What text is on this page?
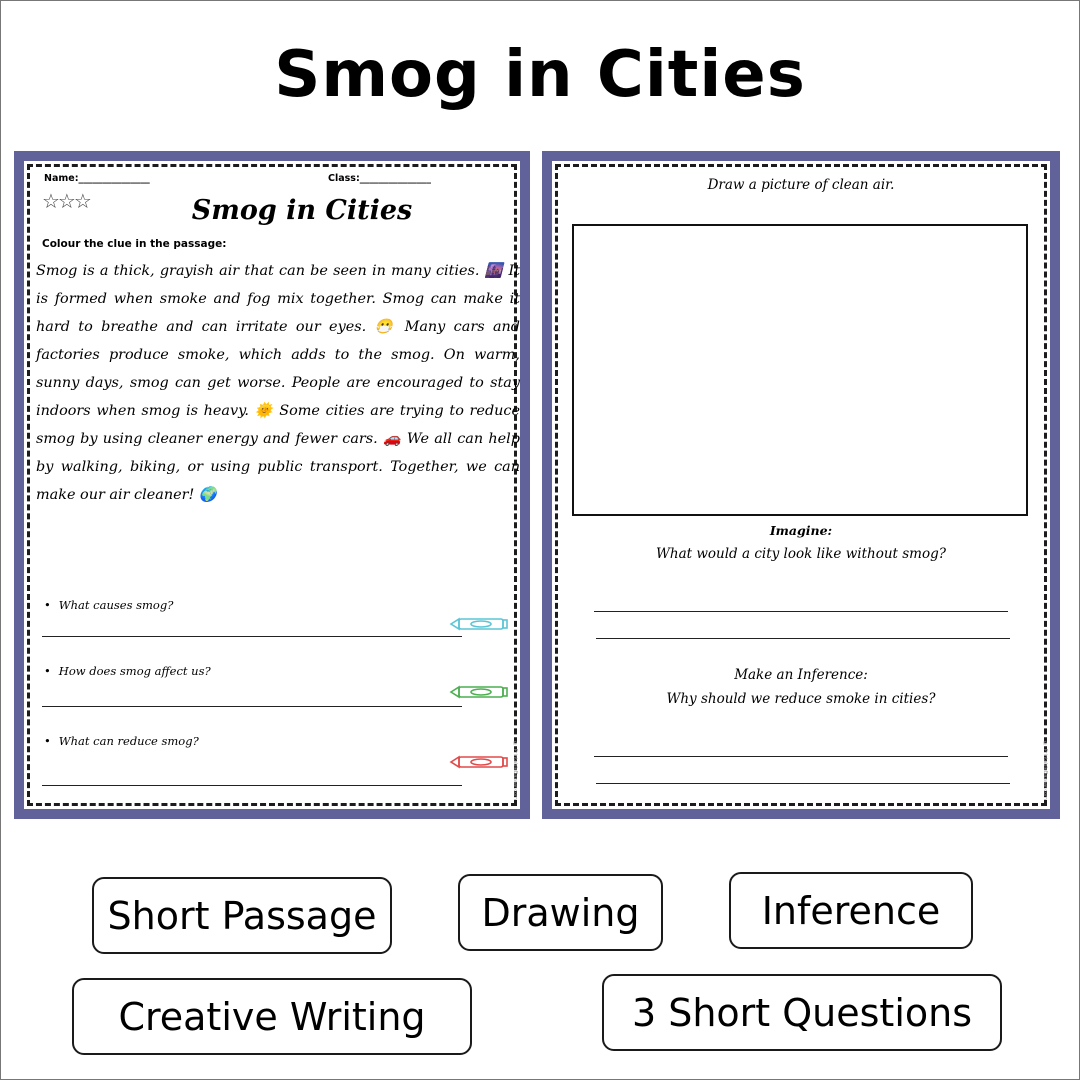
Smog in Cities
Name:_______________	Class:_______________
☆☆☆	Smog in Cities
Colour the clue in the passage:
Smog is a thick, grayish air that can be seen in many cities. 🌆 It is formed when smoke and fog mix together. Smog can make it hard to breathe and can irritate our eyes. 😷 Many cars and factories produce smoke, which adds to the smog. On warm, sunny days, smog can get worse. People are encouraged to stay indoors when smog is heavy. 🌞 Some cities are trying to reduce smog by using cleaner energy and fewer cars. 🚗 We all can help by walking, biking, or using public transport. Together, we can make our air cleaner! 🌍
• What causes smog?
• How does smog affect us?
• What can reduce smog?	© PrintableBazaar.com
Draw a picture of clean air.
Imagine:
What would a city look like without smog?
Make an Inference:
Why should we reduce smoke in cities?
© PrintableBazaar.com
Short Passage	Drawing	Inference
Creative Writing	3 Short Questions
